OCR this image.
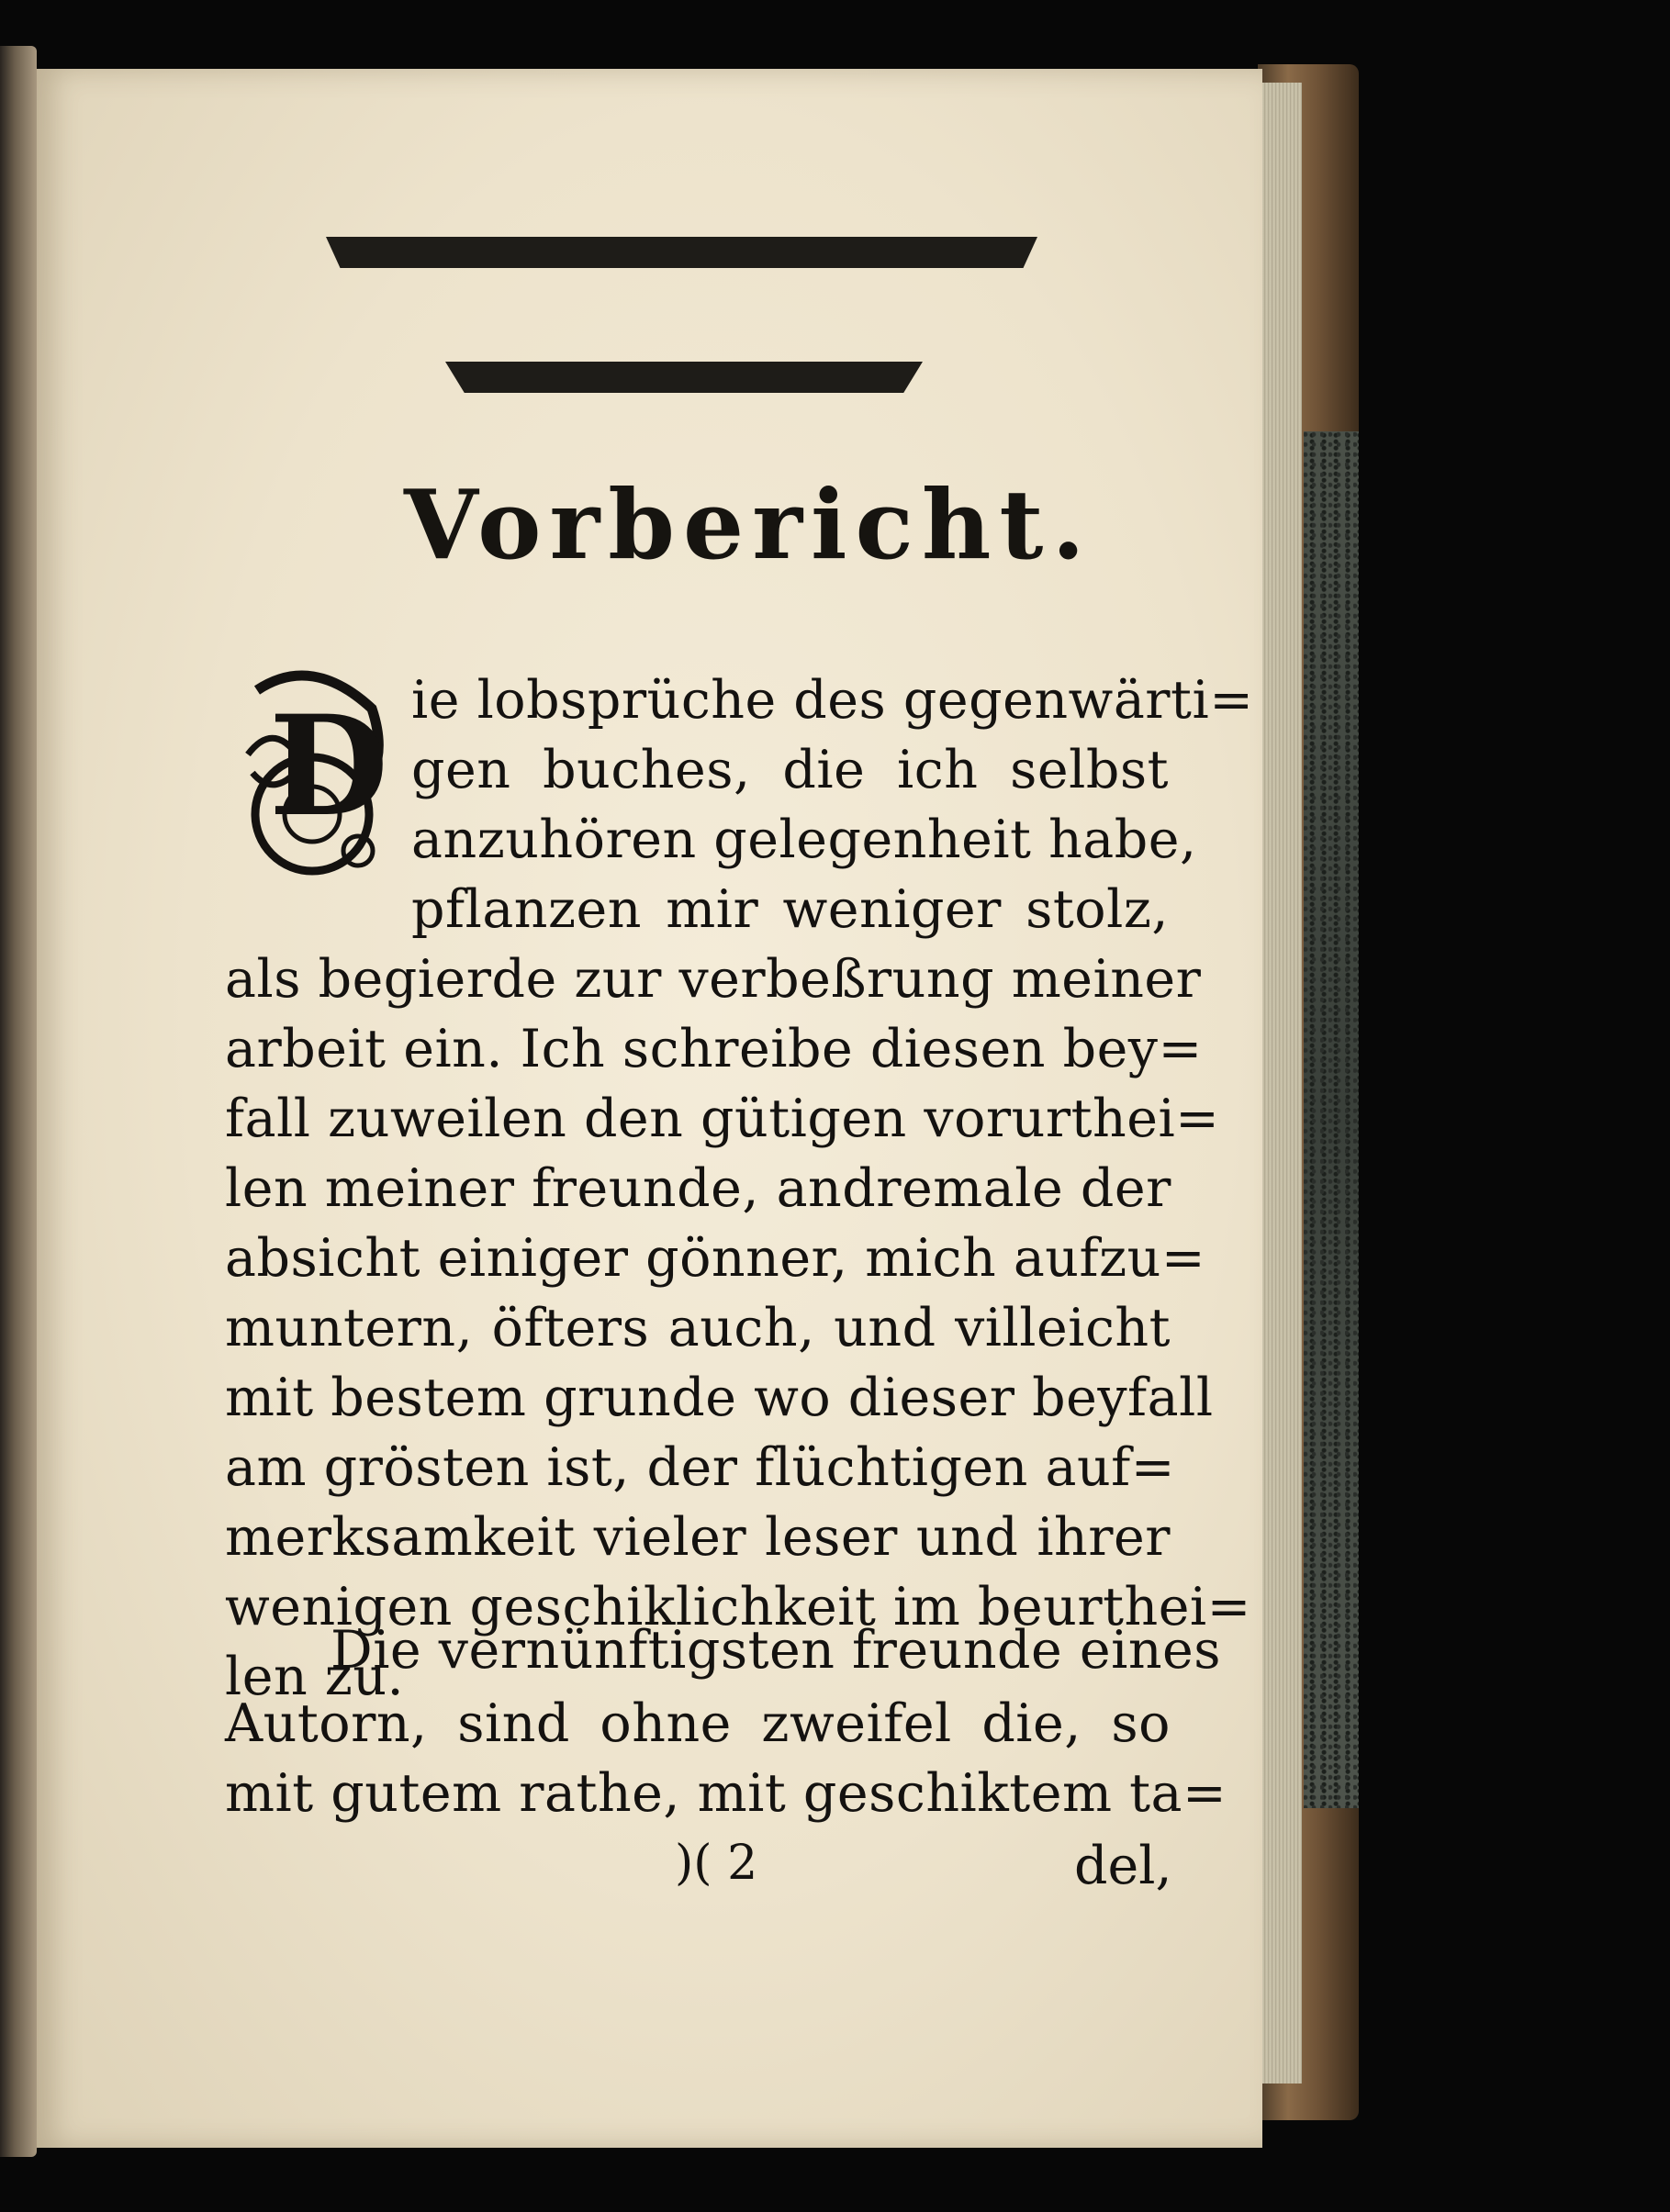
Vorbericht.
D ie lobsprüche des gegenwärti=
gen buches, die ich selbst
anzuhören gelegenheit habe,
pflanzen mir weniger stolz,
als begierde zur verbeßrung meiner
arbeit ein. Ich schreibe diesen bey=
fall zuweilen den gütigen vorurthei=
len meiner freunde, andremale der
absicht einiger gönner, mich aufzu=
muntern, öfters auch, und villeicht
mit bestem grunde wo dieser beyfall
am grösten ist, der flüchtigen auf=
merksamkeit vieler leser und ihrer
wenigen geschiklichkeit im beurthei=
len zu.
Die vernünftigsten freunde eines
Autorn, sind ohne zweifel die, so
mit gutem rathe, mit geschiktem ta=
)( 2	del,
